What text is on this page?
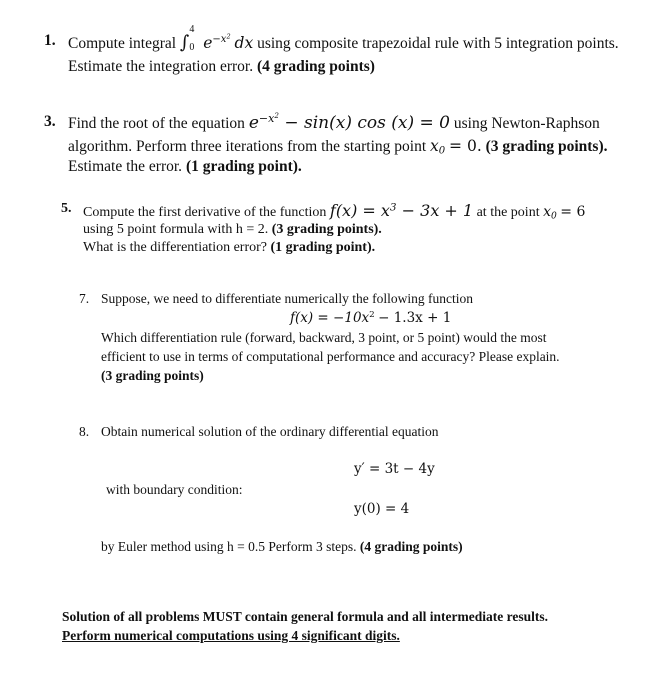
1. Compute integral ∫
4
0 $e^{-x^2}$ dx using composite trapezoidal rule with 5 integration points.
Estimate the integration error. (4 grading points)
3. Find the root of the equation $e^{-x^2} - \sin(x)$ cos (x) = 0 using Newton-Raphson
algorithm. Perform three iterations from the starting point $x_0 = 0$. (3 grading points).
Estimate the error. (1 grading point).
5. Compute the first derivative of the function $f(x) = x^3 - 3x + 1$ at the point $x_0 = 6$
using 5 point formula with h = 2. (3 grading points).
What is the differentiation error? (1 grading point).
7. Suppose, we need to differentiate numerically the following function
$f(x) = -10x^2 - 1.3x + 1$
Which differentiation rule (forward, backward, 3 point, or 5 point) would the most
efficient to use in terms of computational performance and accuracy? Please explain.
(3 grading points)
8. Obtain numerical solution of the ordinary differential equation
y′ = 3t − 4y
with boundary condition:
y(0) = 4
by Euler method using h = 0.5 Perform 3 steps. (4 grading points)
Solution of all problems MUST contain general formula and all intermediate results.
Perform numerical computations using 4 significant digits.
